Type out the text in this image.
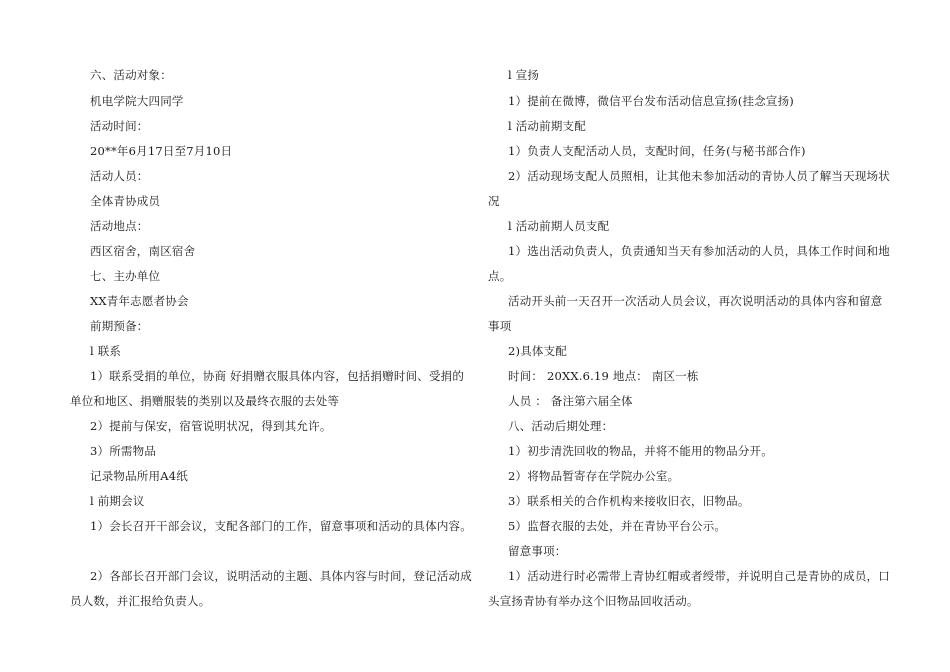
六、活动对象：
机电学院大四同学
活动时间：
20**年6月17日至7月10日
活动人员：
全体青协成员
活动地点：
西区宿舍，南区宿舍
七、主办单位
XX青年志愿者协会
前期预备：
l 联系
1）联系受捐的单位，协商 好捐赠衣服具体内容，包括捐赠时间、受捐的
单位和地区、捐赠服装的类别以及最终衣服的去处等
2）提前与保安，宿管说明状况，得到其允许。
3）所需物品
记录物品所用A4纸
l 前期会议
1）会长召开干部会议，支配各部门的工作，留意事项和活动的具体内容。
2）各部长召开部门会议，说明活动的主题、具体内容与时间，登记活动成
员人数，并汇报给负责人。
l 宣扬
1）提前在微博，微信平台发布活动信息宣扬(挂念宣扬)
l 活动前期支配
1）负责人支配活动人员，支配时间，任务(与秘书部合作)
2）活动现场支配人员照相，让其他未参加活动的青协人员了解当天现场状
况
l 活动前期人员支配
1）选出活动负责人，负责通知当天有参加活动的人员，具体工作时间和地
点。
活动开头前一天召开一次活动人员会议，再次说明活动的具体内容和留意
事项
2)具体支配
时间： 20XX.6.19 地点： 南区一栋
人员 ： 备注第六届全体
八、活动后期处理：
1）初步清洗回收的物品，并将不能用的物品分开。
2）将物品暂寄存在学院办公室。
3）联系相关的合作机构来接收旧衣，旧物品。
5）监督衣服的去处，并在青协平台公示。
留意事项：
1）活动进行时必需带上青协红帽或者绶带，并说明自己是青协的成员，口
头宣扬青协有举办这个旧物品回收活动。
